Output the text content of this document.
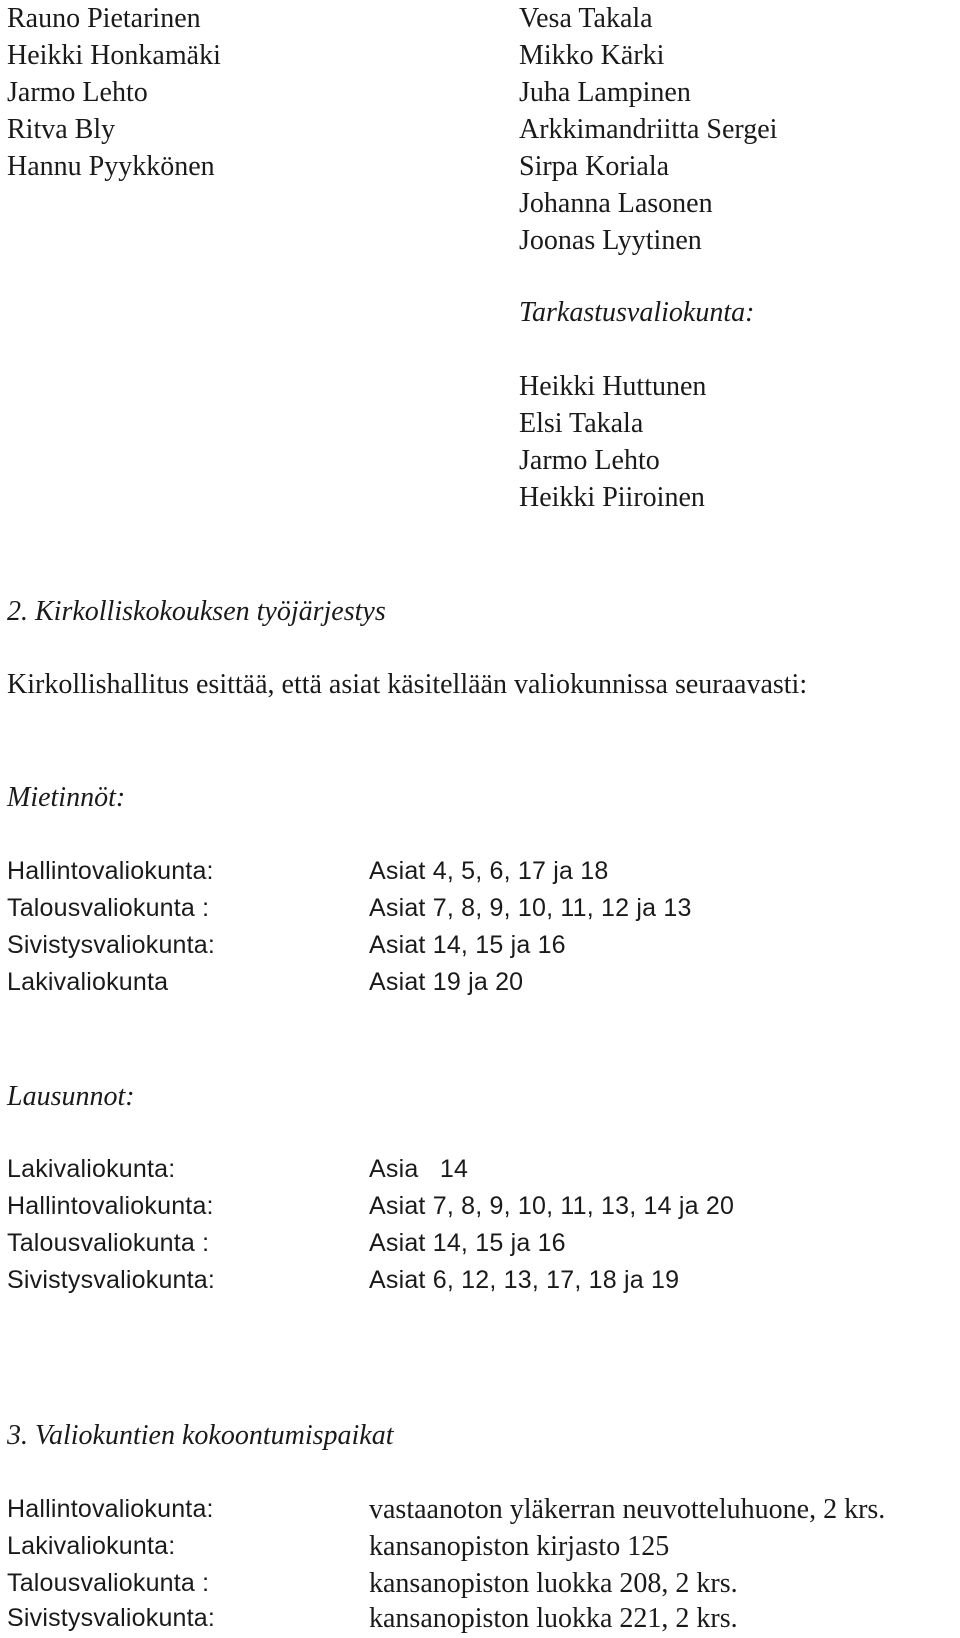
Rauno Pietarinen
Heikki Honkamäki
Jarmo Lehto
Ritva Bly
Hannu Pyykkönen
Vesa Takala
Mikko Kärki
Juha Lampinen
Arkkimandriitta Sergei
Sirpa Koriala
Johanna Lasonen
Joonas Lyytinen
Tarkastusvaliokunta:
Heikki Huttunen
Elsi Takala
Jarmo Lehto
Heikki Piiroinen
2. Kirkolliskokouksen työjärjestys
Kirkollishallitus esittää, että asiat käsitellään valiokunnissa seuraavasti:
Mietinnöt:
Hallintovaliokunta:	Asiat 4, 5, 6, 17 ja 18
Talousvaliokunta :	Asiat 7, 8, 9, 10, 11, 12 ja 13
Sivistysvaliokunta:	Asiat 14, 15 ja 16
Lakivaliokunta	Asiat 19 ja 20
Lausunnot:
Lakivaliokunta:	Asia   14
Hallintovaliokunta:	Asiat 7, 8, 9, 10, 11, 13, 14 ja 20
Talousvaliokunta :	Asiat 14, 15 ja 16
Sivistysvaliokunta:	Asiat 6, 12, 13, 17, 18 ja 19
3. Valiokuntien kokoontumispaikat
Hallintovaliokunta:	vastaanoton yläkerran neuvotteluhuone, 2 krs.
Lakivaliokunta:	kansanopiston kirjasto 125
Talousvaliokunta :	kansanopiston luokka 208, 2 krs.
Sivistysvaliokunta:	kansanopiston luokka 221, 2 krs.
